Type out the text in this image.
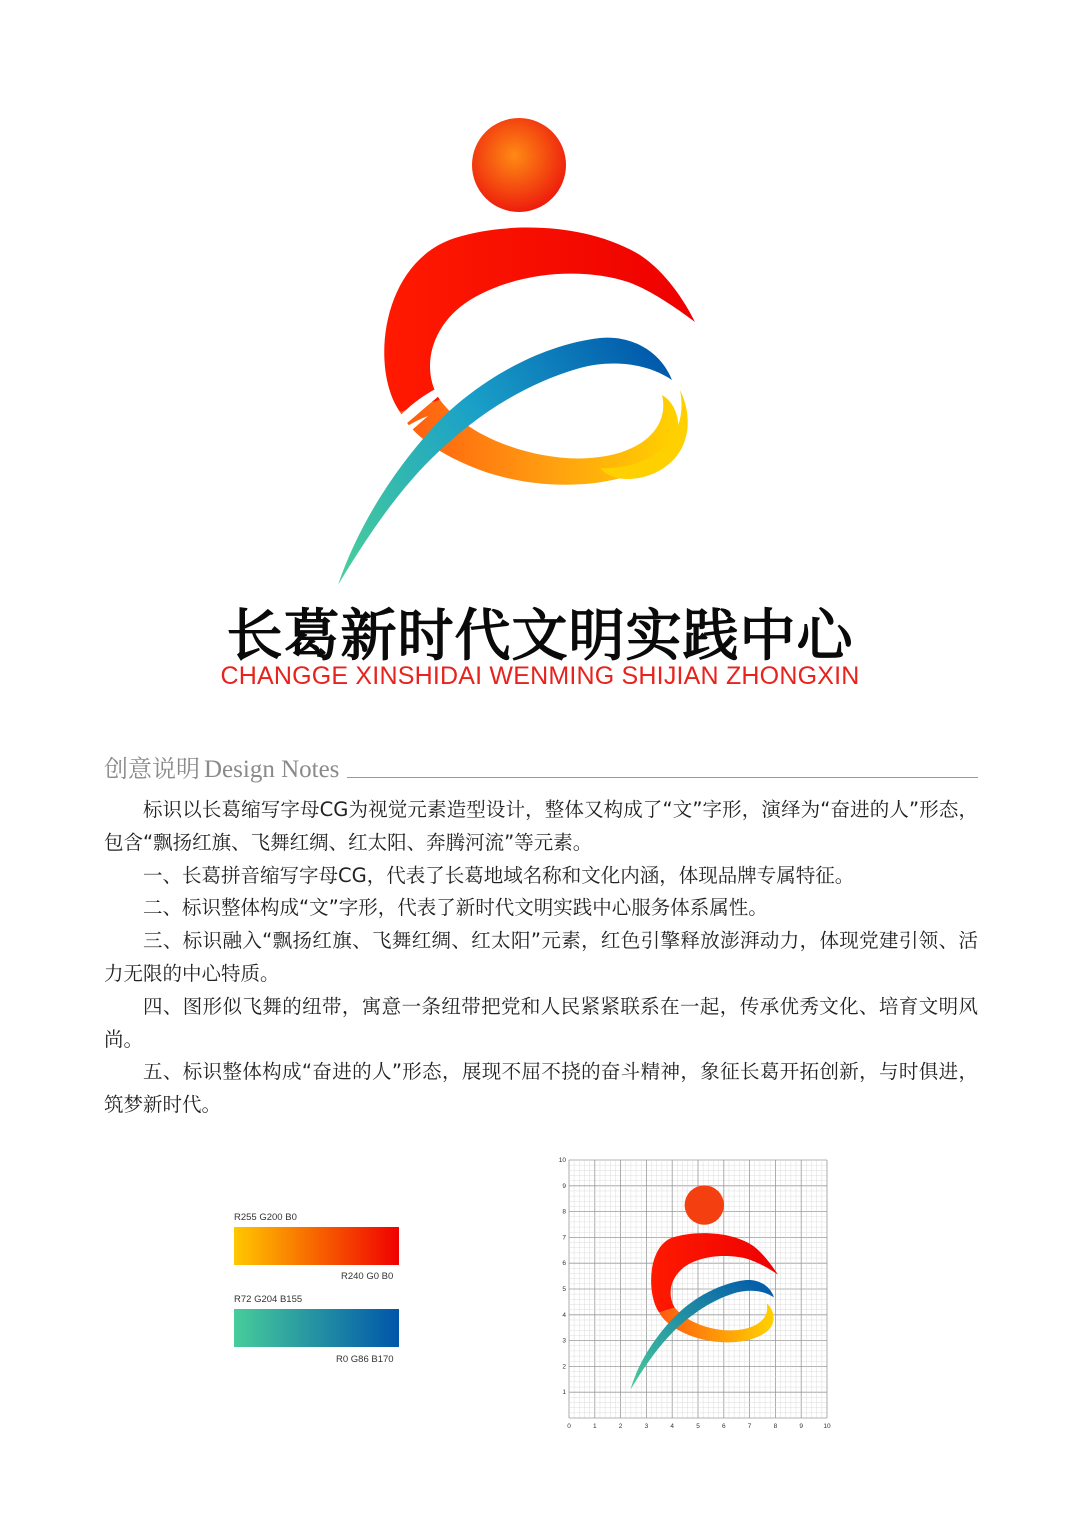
长葛新时代文明实践中心
CHANGGE XINSHIDAI WENMING SHIJIAN ZHONGXIN
创意说明 Design Notes

标识以长葛缩写字母CG为视觉元素造型设计，整体又构成了“文”字形，演绎为“奋进的人”形态，包含“飘扬红旗、飞舞红绸、红太阳、奔腾河流”等元素。

一、长葛拼音缩写字母CG，代表了长葛地域名称和文化内涵，体现品牌专属特征。

二、标识整体构成“文”字形，代表了新时代文明实践中心服务体系属性。

三、标识融入“飘扬红旗、飞舞红绸、红太阳”元素，红色引擎释放澎湃动力，体现党建引领、活力无限的中心特质。

四、图形似飞舞的纽带，寓意一条纽带把党和人民紧紧联系在一起，传承优秀文化、培育文明风尚。

五、标识整体构成“奋进的人”形态，展现不屈不挠的奋斗精神，象征长葛开拓创新，与时俱进，筑梦新时代。

R255 G200 B0
R240 G0 B0
R72 G204 B155
R0 G86 B170
0	1	2	3	4	5	6	7	8	9	10
10
9
8
7
6
5
4
3
2
1
